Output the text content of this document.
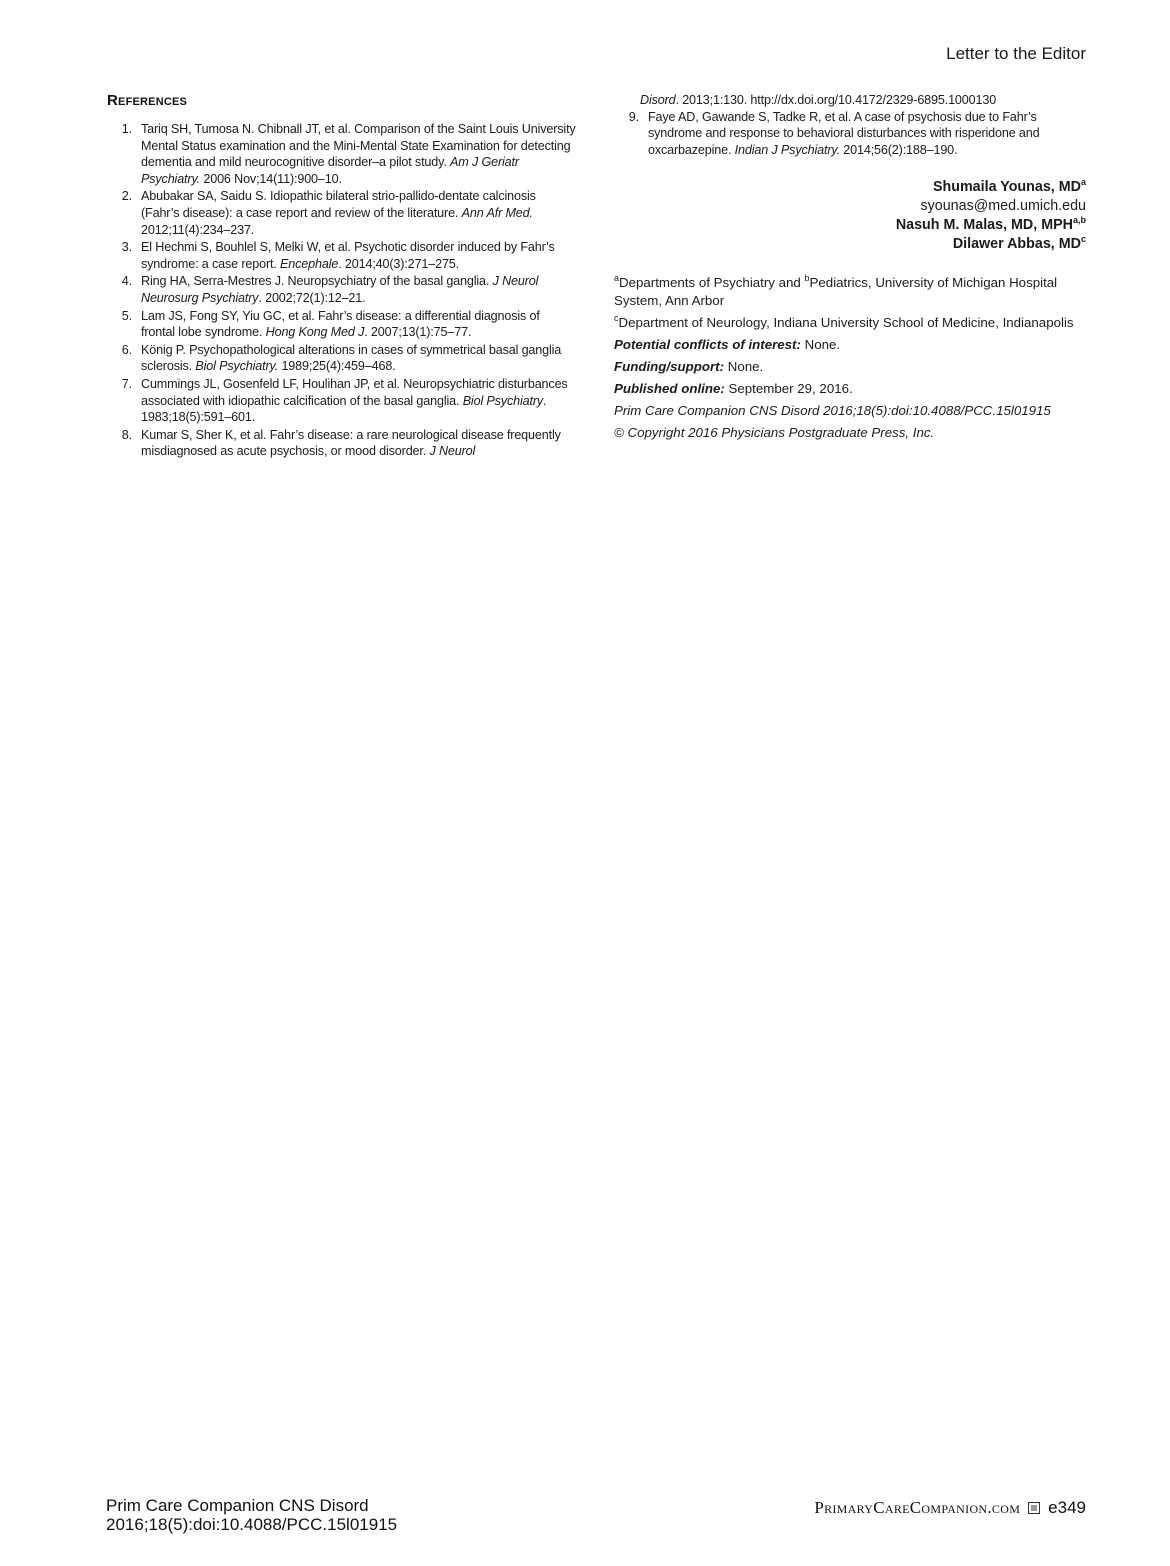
Letter to the Editor
References
1. Tariq SH, Tumosa N. Chibnall JT, et al. Comparison of the Saint Louis University Mental Status examination and the Mini-Mental State Examination for detecting dementia and mild neurocognitive disorder–a pilot study. Am J Geriatr Psychiatry. 2006 Nov;14(11):900–10.
2. Abubakar SA, Saidu S. Idiopathic bilateral strio-pallido-dentate calcinosis (Fahr’s disease): a case report and review of the literature. Ann Afr Med. 2012;11(4):234–237.
3. El Hechmi S, Bouhlel S, Melki W, et al. Psychotic disorder induced by Fahr’s syndrome: a case report. Encephale. 2014;40(3):271–275.
4. Ring HA, Serra-Mestres J. Neuropsychiatry of the basal ganglia. J Neurol Neurosurg Psychiatry. 2002;72(1):12–21.
5. Lam JS, Fong SY, Yiu GC, et al. Fahr’s disease: a differential diagnosis of frontal lobe syndrome. Hong Kong Med J. 2007;13(1):75–77.
6. König P. Psychopathological alterations in cases of symmetrical basal ganglia sclerosis. Biol Psychiatry. 1989;25(4):459–468.
7. Cummings JL, Gosenfeld LF, Houlihan JP, et al. Neuropsychiatric disturbances associated with idiopathic calcification of the basal ganglia. Biol Psychiatry. 1983;18(5):591–601.
8. Kumar S, Sher K, et al. Fahr’s disease: a rare neurological disease frequently misdiagnosed as acute psychosis, or mood disorder. J Neurol
Disord. 2013;1:130. http://dx.doi.org/10.4172/2329-6895.1000130
9. Faye AD, Gawande S, Tadke R, et al. A case of psychosis due to Fahr’s syndrome and response to behavioral disturbances with risperidone and oxcarbazepine. Indian J Psychiatry. 2014;56(2):188–190.
Shumaila Younas, $MD^a$
syounas@med.umich.edu
Nasuh M. Malas, MD, MPH$^{a,b}$
Dilawer Abbas, $MD^c$

$^a$Departments of Psychiatry and $^b$Pediatrics, University of Michigan Hospital System, Ann Arbor

$^c$Department of Neurology, Indiana University School of Medicine, Indianapolis

Potential conflicts of interest: None.
Funding/support: None.
Published online: September 29, 2016.
Prim Care Companion CNS Disord 2016;18(5):doi:10.4088/PCC.15l01915
© Copyright 2016 Physicians Postgraduate Press, Inc.
Prim Care Companion CNS Disord
2016;18(5):doi:10.4088/PCC.15l01915
PrimaryCareCompanion.com e349
